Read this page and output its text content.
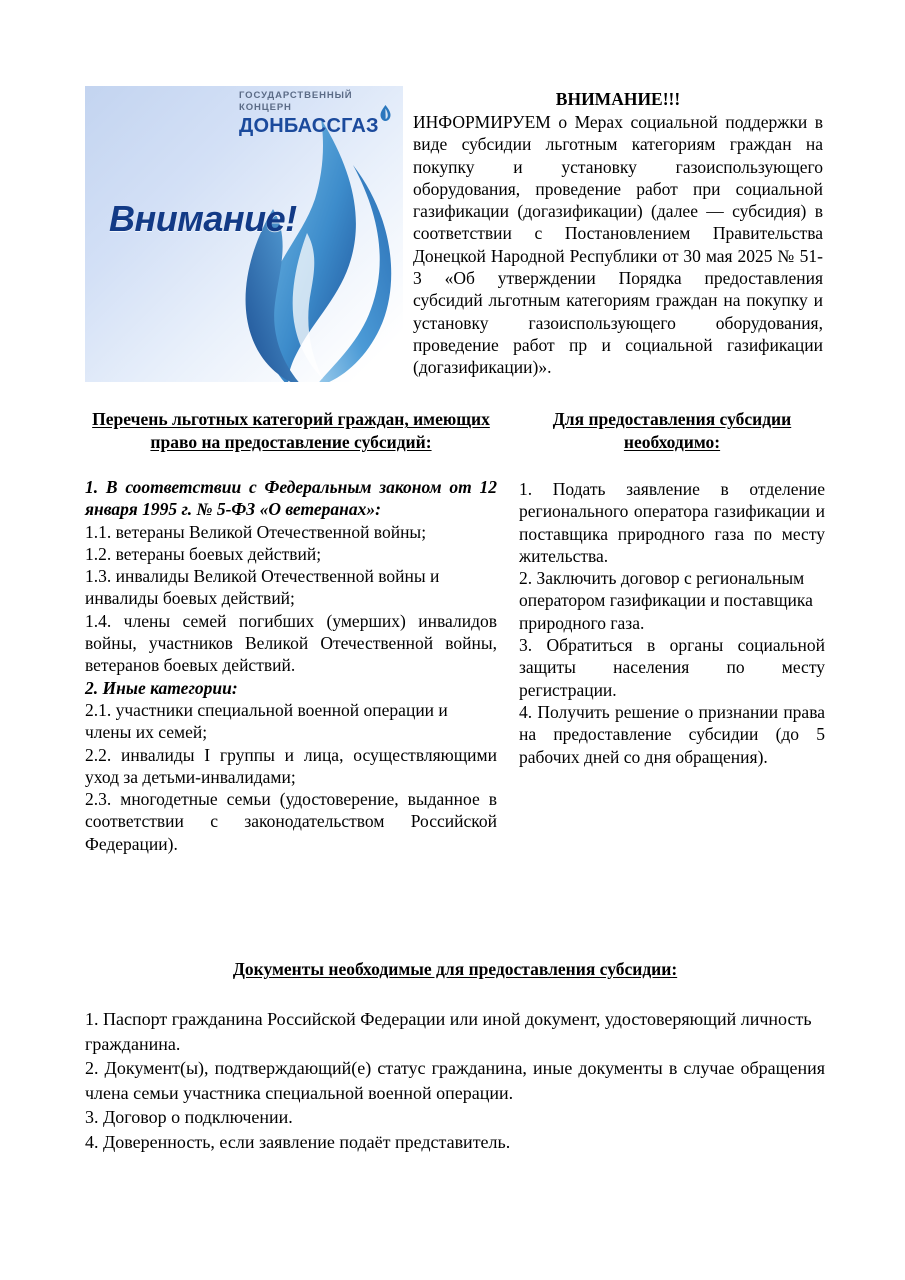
ГОСУДАРСТВЕННЫЙ
КОНЦЕРН
ДОНБАССГАЗ
Внимание!
ВНИМАНИЕ!!!
ИНФОРМИРУЕМ о Мерах социальной поддержки в виде субсидии льготным категориям граждан на покупку и установку газоиспользующего оборудования, проведение работ при социальной газификации (догазификации) (далее — субсидия) в соответствии с Постановлением Правительства Донецкой Народной Республики от 30 мая 2025 № 51-3 «Об утверждении Порядка предоставления субсидий льготным категориям граждан на покупку и установку газоиспользующего оборудования, проведение работ пр и социальной газификации (догазификации)».
Перечень льготных категорий граждан, имеющих право на предоставление субсидий:

1. В соответствии с Федеральным законом от 12 января 1995 г. № 5-ФЗ «О ветеранах»:

1.1. ветераны Великой Отечественной войны;

1.2. ветераны боевых действий;

1.3. инвалиды Великой Отечественной войны и инвалиды боевых действий;

1.4. члены семей погибших (умерших) инвалидов войны, участников Великой Отечественной войны, ветеранов боевых действий.

2. Иные категории:

2.1. участники специальной военной операции и члены их семей;

2.2. инвалиды I группы и лица, осуществляющими уход за детьми-инвалидами;

2.3. многодетные семьи (удостоверение, выданное в соответствии с законодательством Российской Федерации).

Для предоставления субсидии необходимо:

1. Подать заявление в отделение регионального оператора газификации и поставщика природного газа по месту жительства.

2. Заключить договор с региональным оператором газификации и поставщика природного газа.

3. Обратиться в органы социальной защиты населения по месту регистрации.

4. Получить решение о признании права на предоставление субсидии (до 5 рабочих дней со дня обращения).

Документы необходимые для предоставления субсидии:

1. Паспорт гражданина Российской Федерации или иной документ, удостоверяющий личность гражданина.

2. Документ(ы), подтверждающий(е) статус гражданина, иные документы в случае обращения члена семьи участника специальной военной операции.

3. Договор о подключении.

4. Доверенность, если заявление подаёт представитель.
